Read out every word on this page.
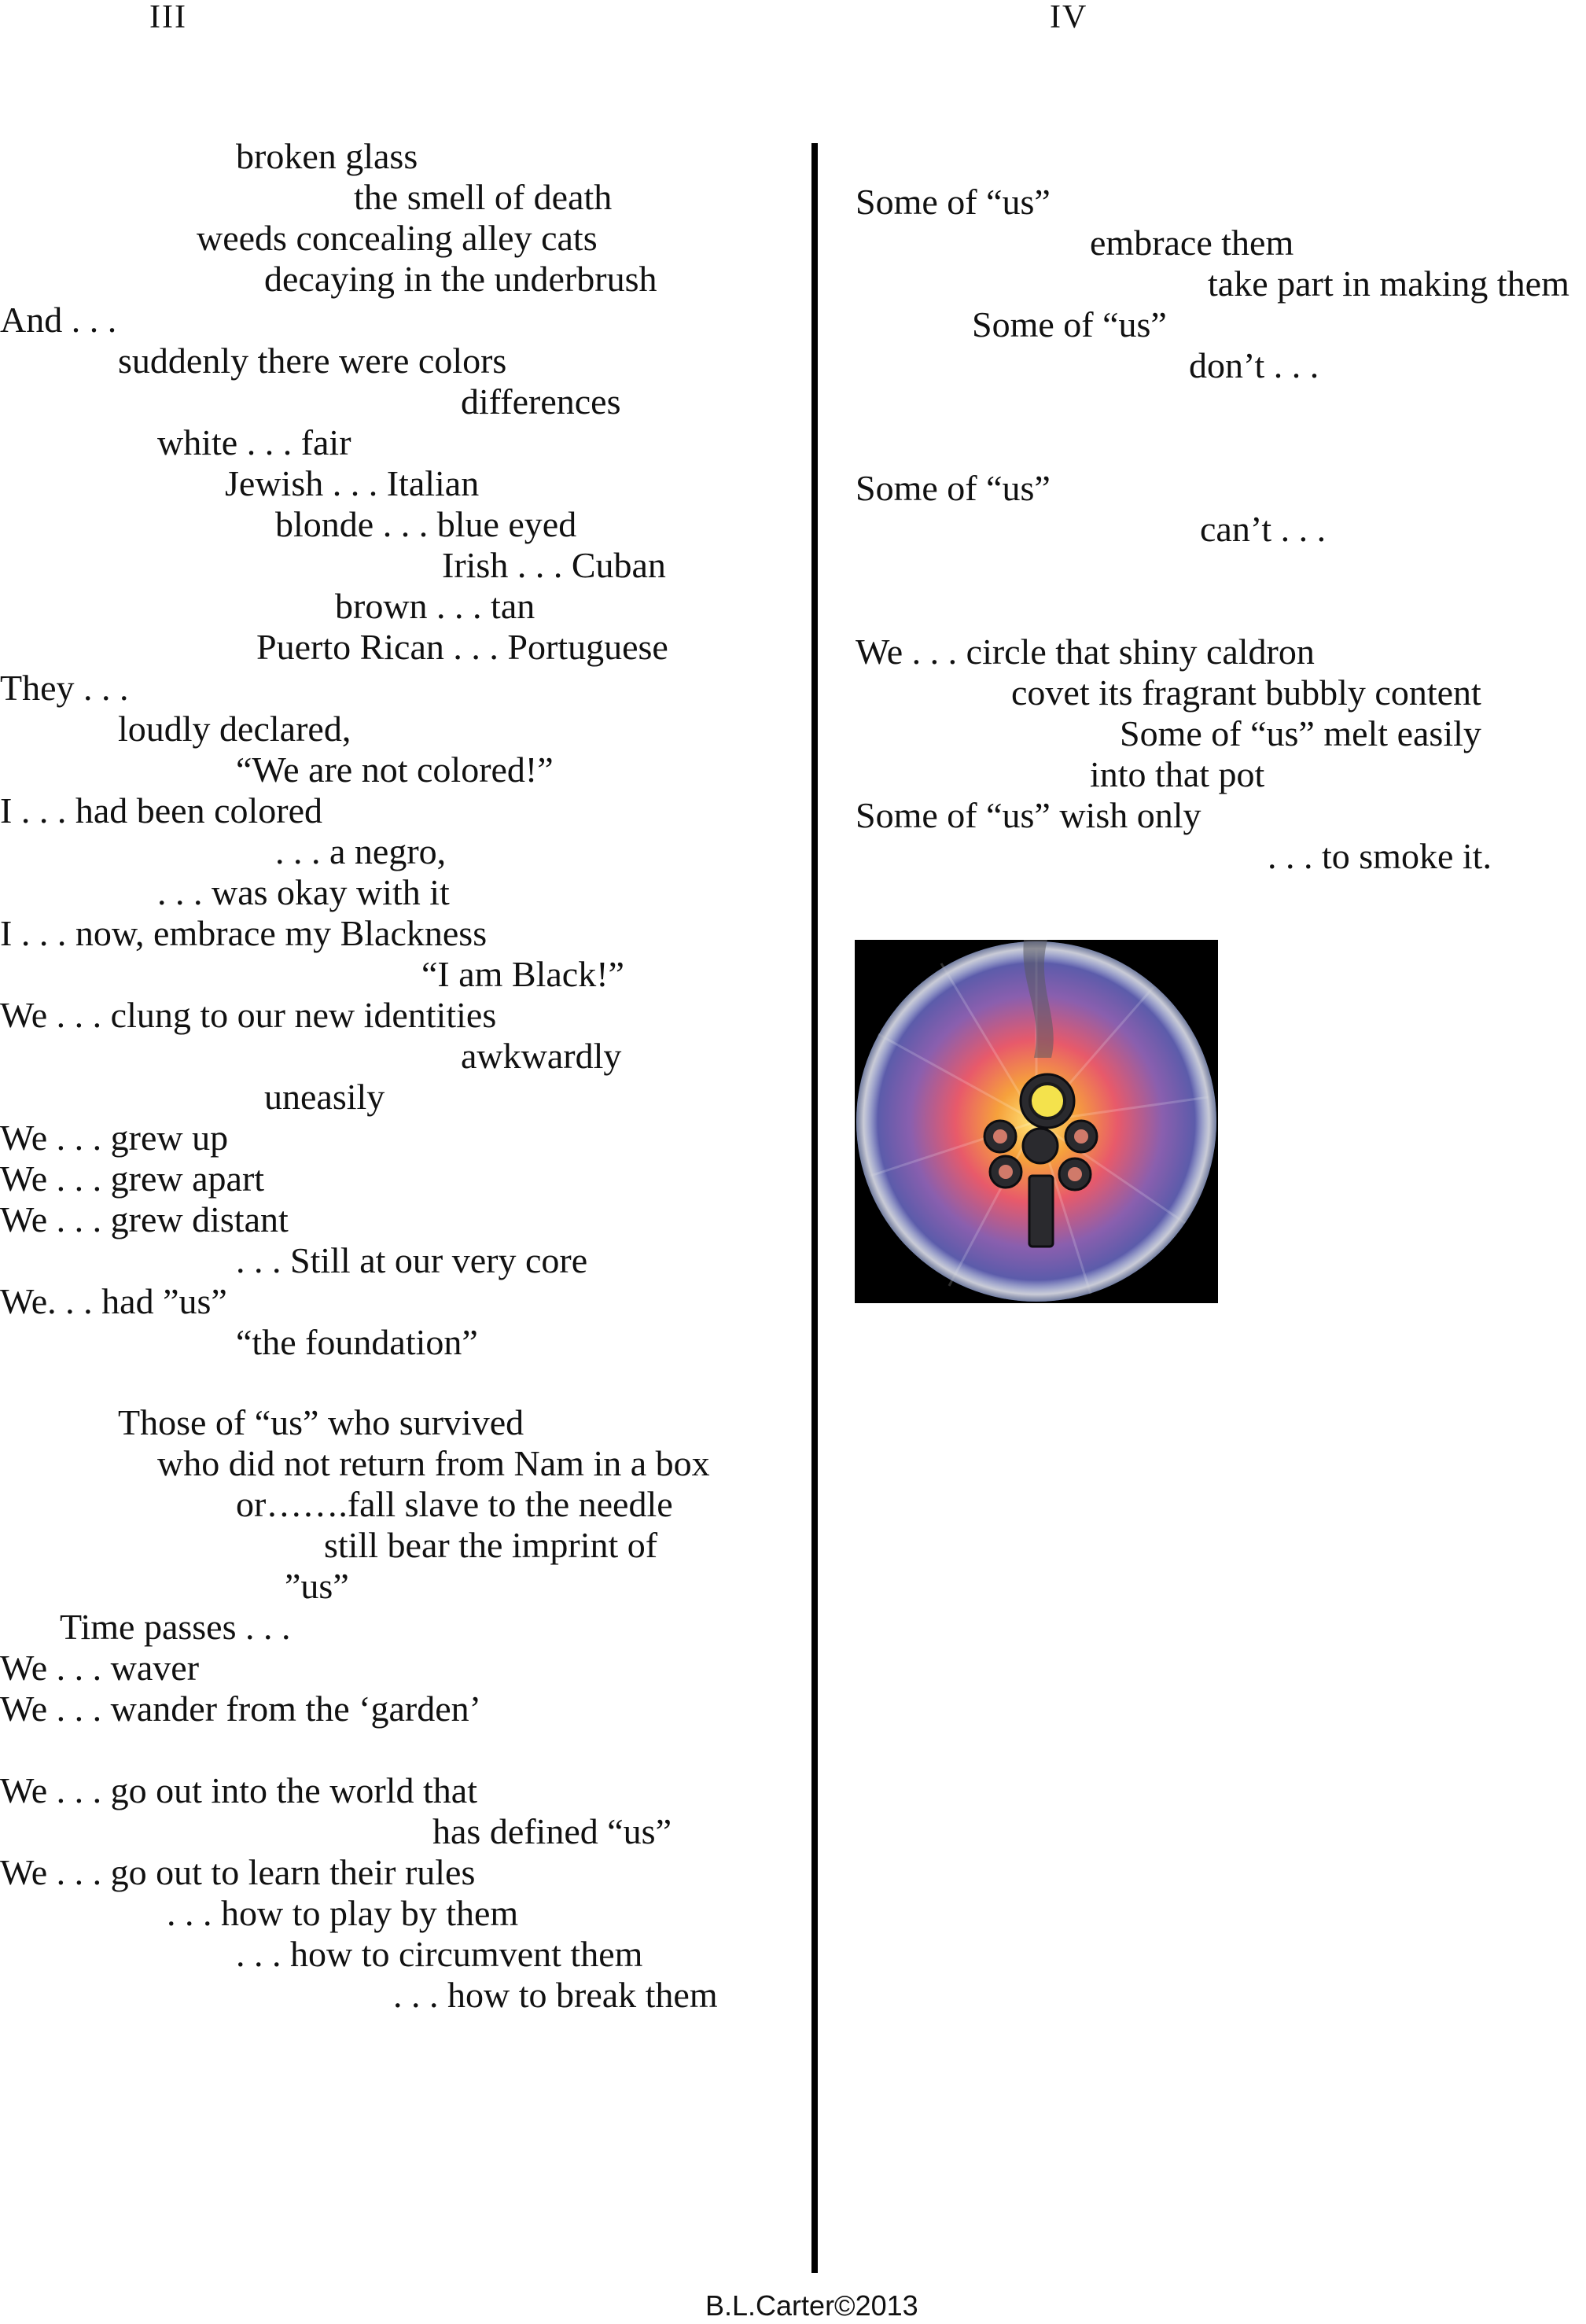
III	IV
broken glass
the smell of death
weeds concealing alley cats
decaying in the underbrush
And . . .
suddenly there were colors
differences
white . . . fair
Jewish . . . Italian
blonde . . . blue eyed
Irish . . . Cuban
brown . . . tan
Puerto Rican . . . Portuguese
They . . .
loudly declared,
“We are not colored!”
I . . . had been colored
. . . a negro,
. . . was okay with it
I . . . now, embrace my Blackness
“I am Black!”
We . . . clung to our new identities
awkwardly
uneasily
We . . . grew up
We . . . grew apart
We . . . grew distant
. . . Still at our very core
We. . . had ”us”
“the foundation”
Those of “us” who survived
who did not return from Nam in a box
or…….fall slave to the needle
still bear the imprint of
”us”
Time passes . . .
We . . . waver
We . . . wander from the ‘garden’
We . . . go out into the world that
has defined “us”
We . . . go out to learn their rules
. . . how to play by them
. . . how to circumvent them
. . . how to break them
Some of “us”
embrace them
take part in making them
Some of “us”
don’t . . .
Some of “us”
can’t . . .
We . . . circle that shiny caldron
covet its fragrant bubbly content
Some of “us” melt easily
into that pot
Some of “us” wish only
. . . to smoke it.
B.L.Carter©2013
